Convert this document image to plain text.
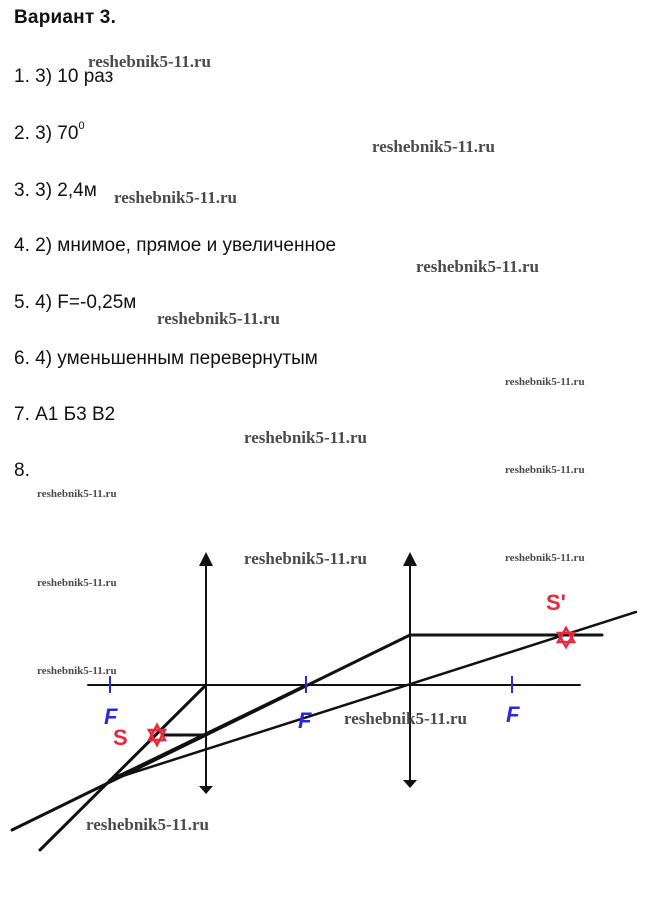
Вариант 3.
1. 3) 10 раз
2. 3) $70^0$
3. 3) 2,4м
4. 2) мнимое, прямое и увеличенное
5. 4) F=-0,25м
6. 4) уменьшенным перевернутым
7. А1 Б3 В2
8.
F	F	F
S
S'
reshebnik5-11.ru
reshebnik5-11.ru
reshebnik5-11.ru
reshebnik5-11.ru
reshebnik5-11.ru
reshebnik5-11.ru
reshebnik5-11.ru
reshebnik5-11.ru
reshebnik5-11.ru
reshebnik5-11.ru	reshebnik5-11.ru
reshebnik5-11.ru
reshebnik5-11.ru
reshebnik5-11.ru
reshebnik5-11.ru
